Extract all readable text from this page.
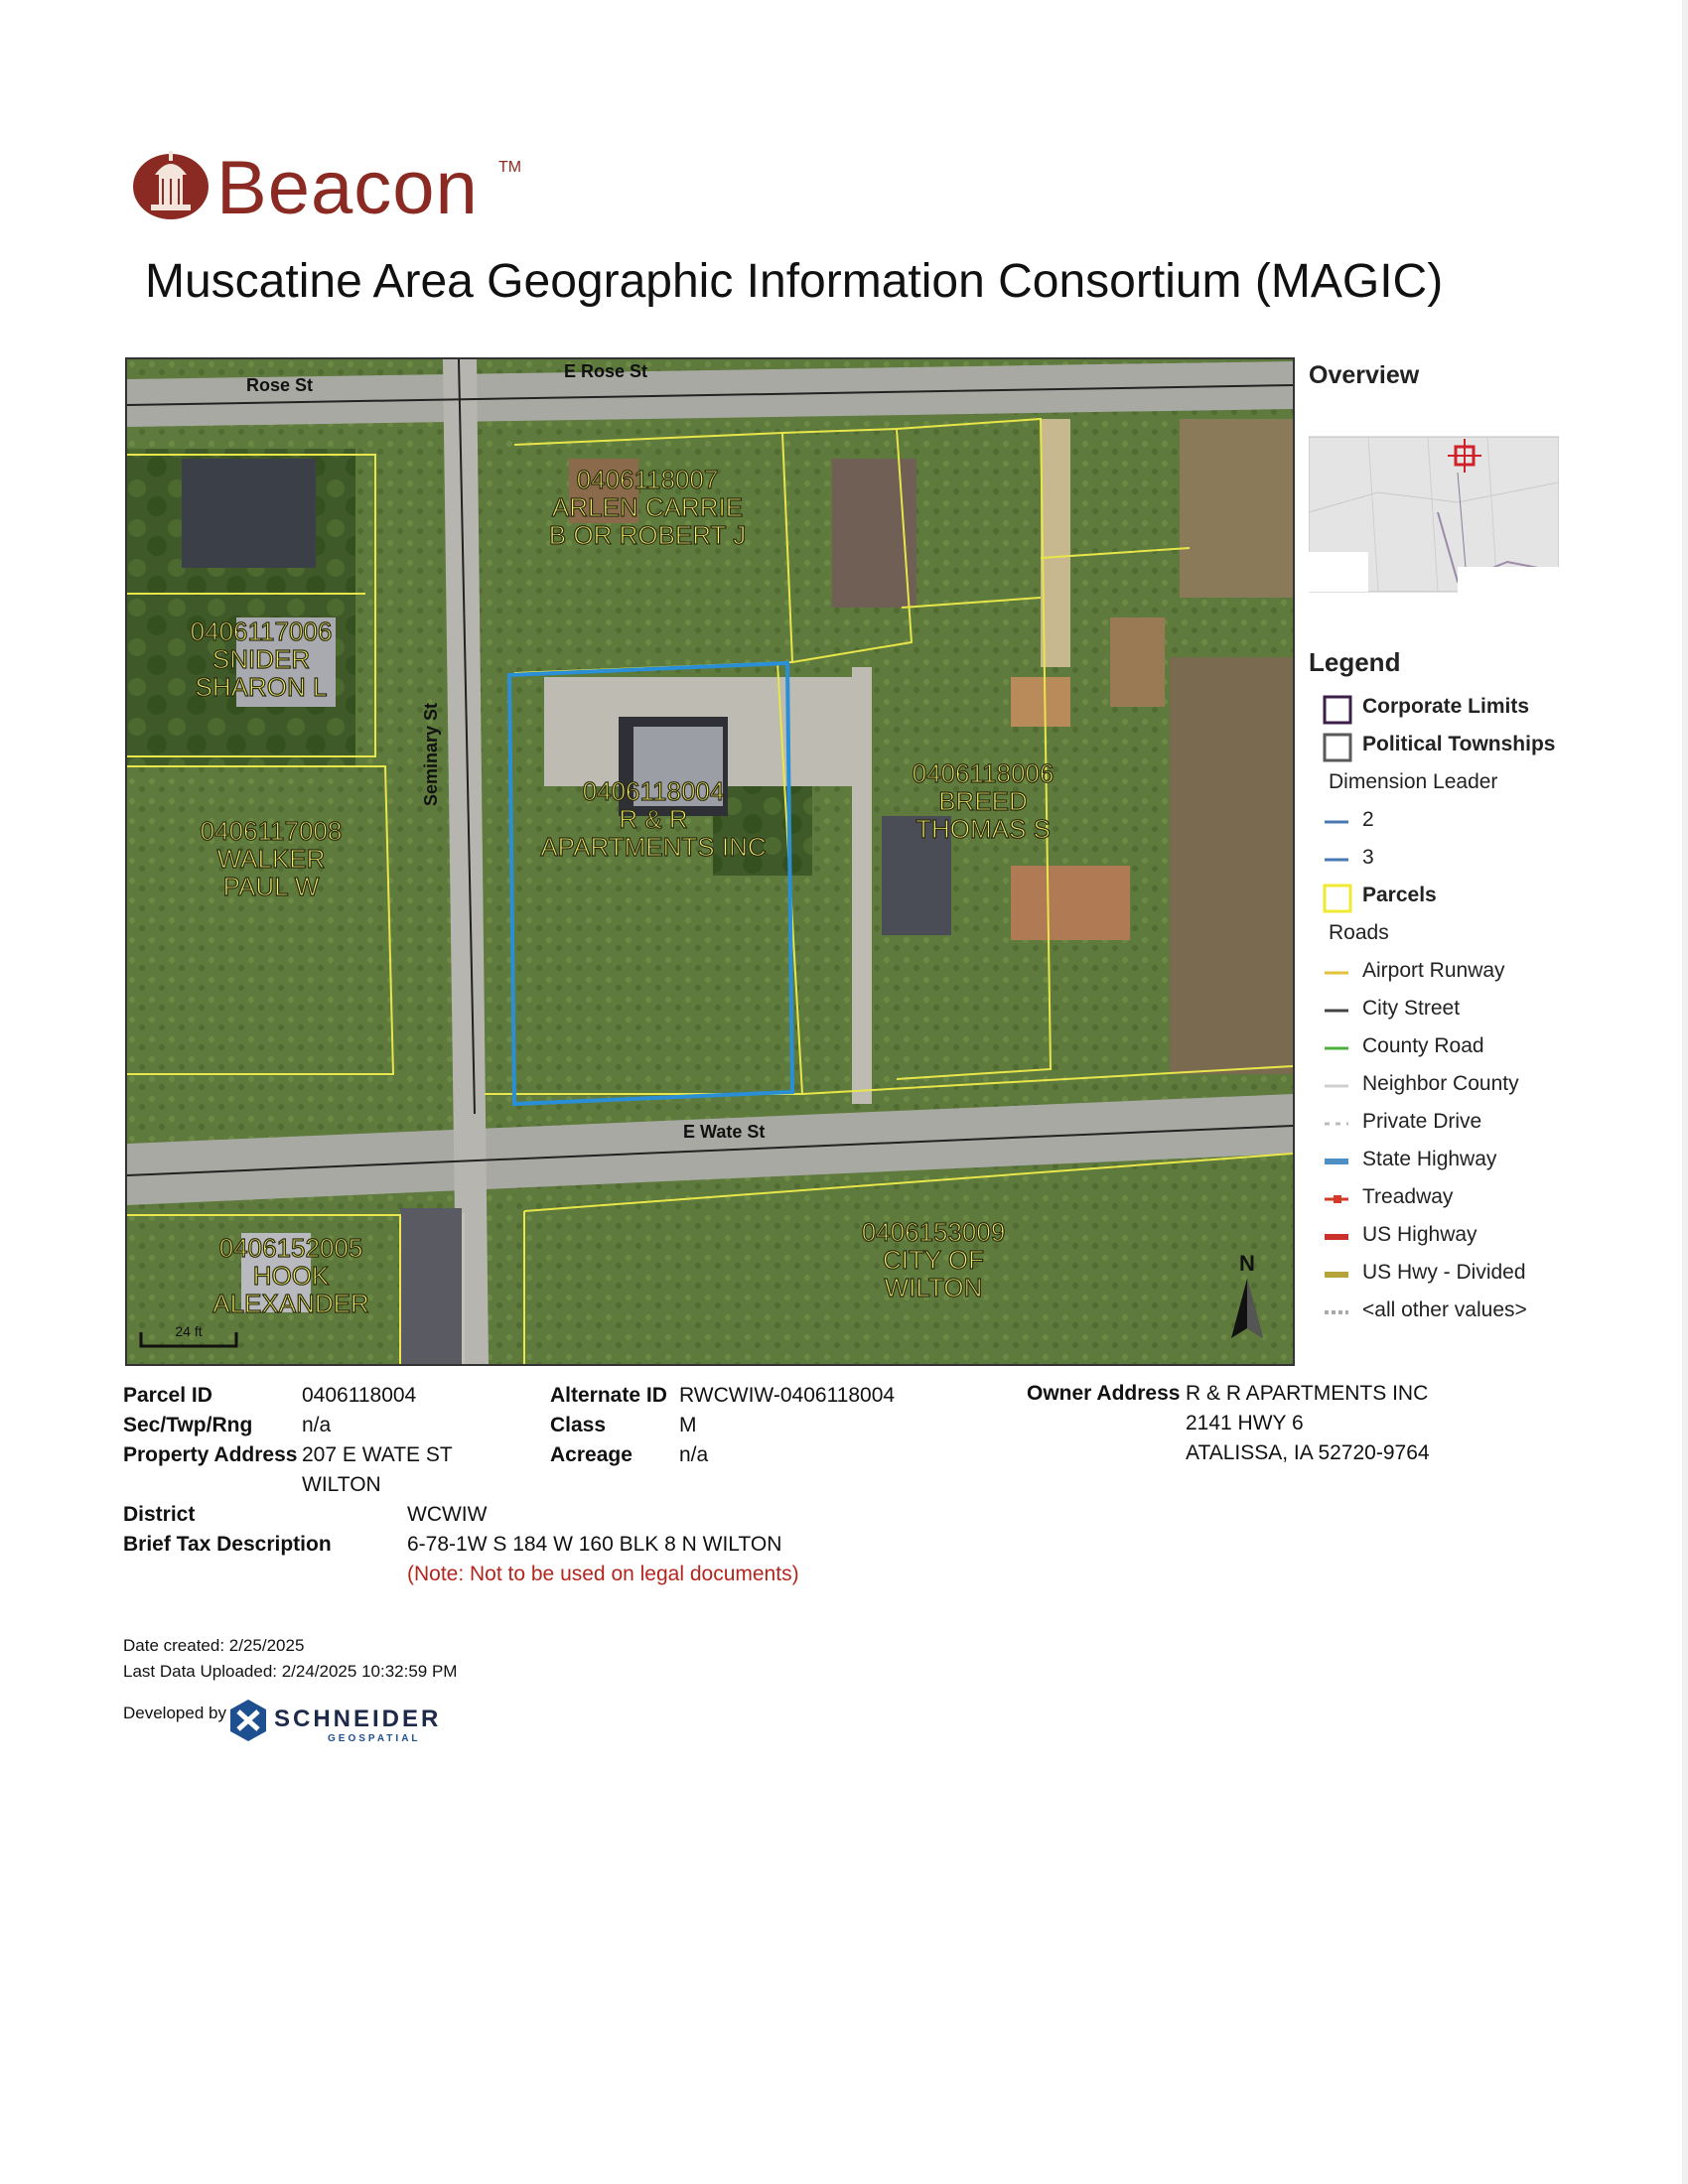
Beacon TM
Muscatine Area Geographic Information Consortium (MAGIC)
Rose St
E Rose St
E Wate St
Seminary St
0406118007
ARLEN CARRIE
B OR ROBERT J
0406117006
SNIDER
SHARON L
0406118004
R & R
APARTMENTS INC
0406117008
WALKER
PAUL W
0406118006
BREED
THOMAS S
0406152005
HOOK
ALEXANDER
0406153009
CITY OF
WILTON
24 ft
N
Overview
Legend
Corporate Limits
Political Townships
Dimension Leader
2
3
Parcels
Roads
Airport Runway
City Street
County Road
Neighbor County
Private Drive
State Highway
Treadway
US Highway
US Hwy - Divided
<all other values>
Parcel ID	0406118004
Sec/Twp/Rng n/a
Property Address 207 E WATE ST
WILTON
Alternate ID RWCWIW-0406118004
Class	M
Acreage n/a
Owner Address R & R APARTMENTS INC
2141 HWY 6
ATALISSA, IA 52720-9764
District	WCWIW
Brief Tax Description	6-78-1W S 184 W 160 BLK 8 N WILTON
(Note: Not to be used on legal documents)
Date created: 2/25/2025
Last Data Uploaded: 2/24/2025 10:32:59 PM
Developed by SCHNEIDER
GEOSPATIAL
